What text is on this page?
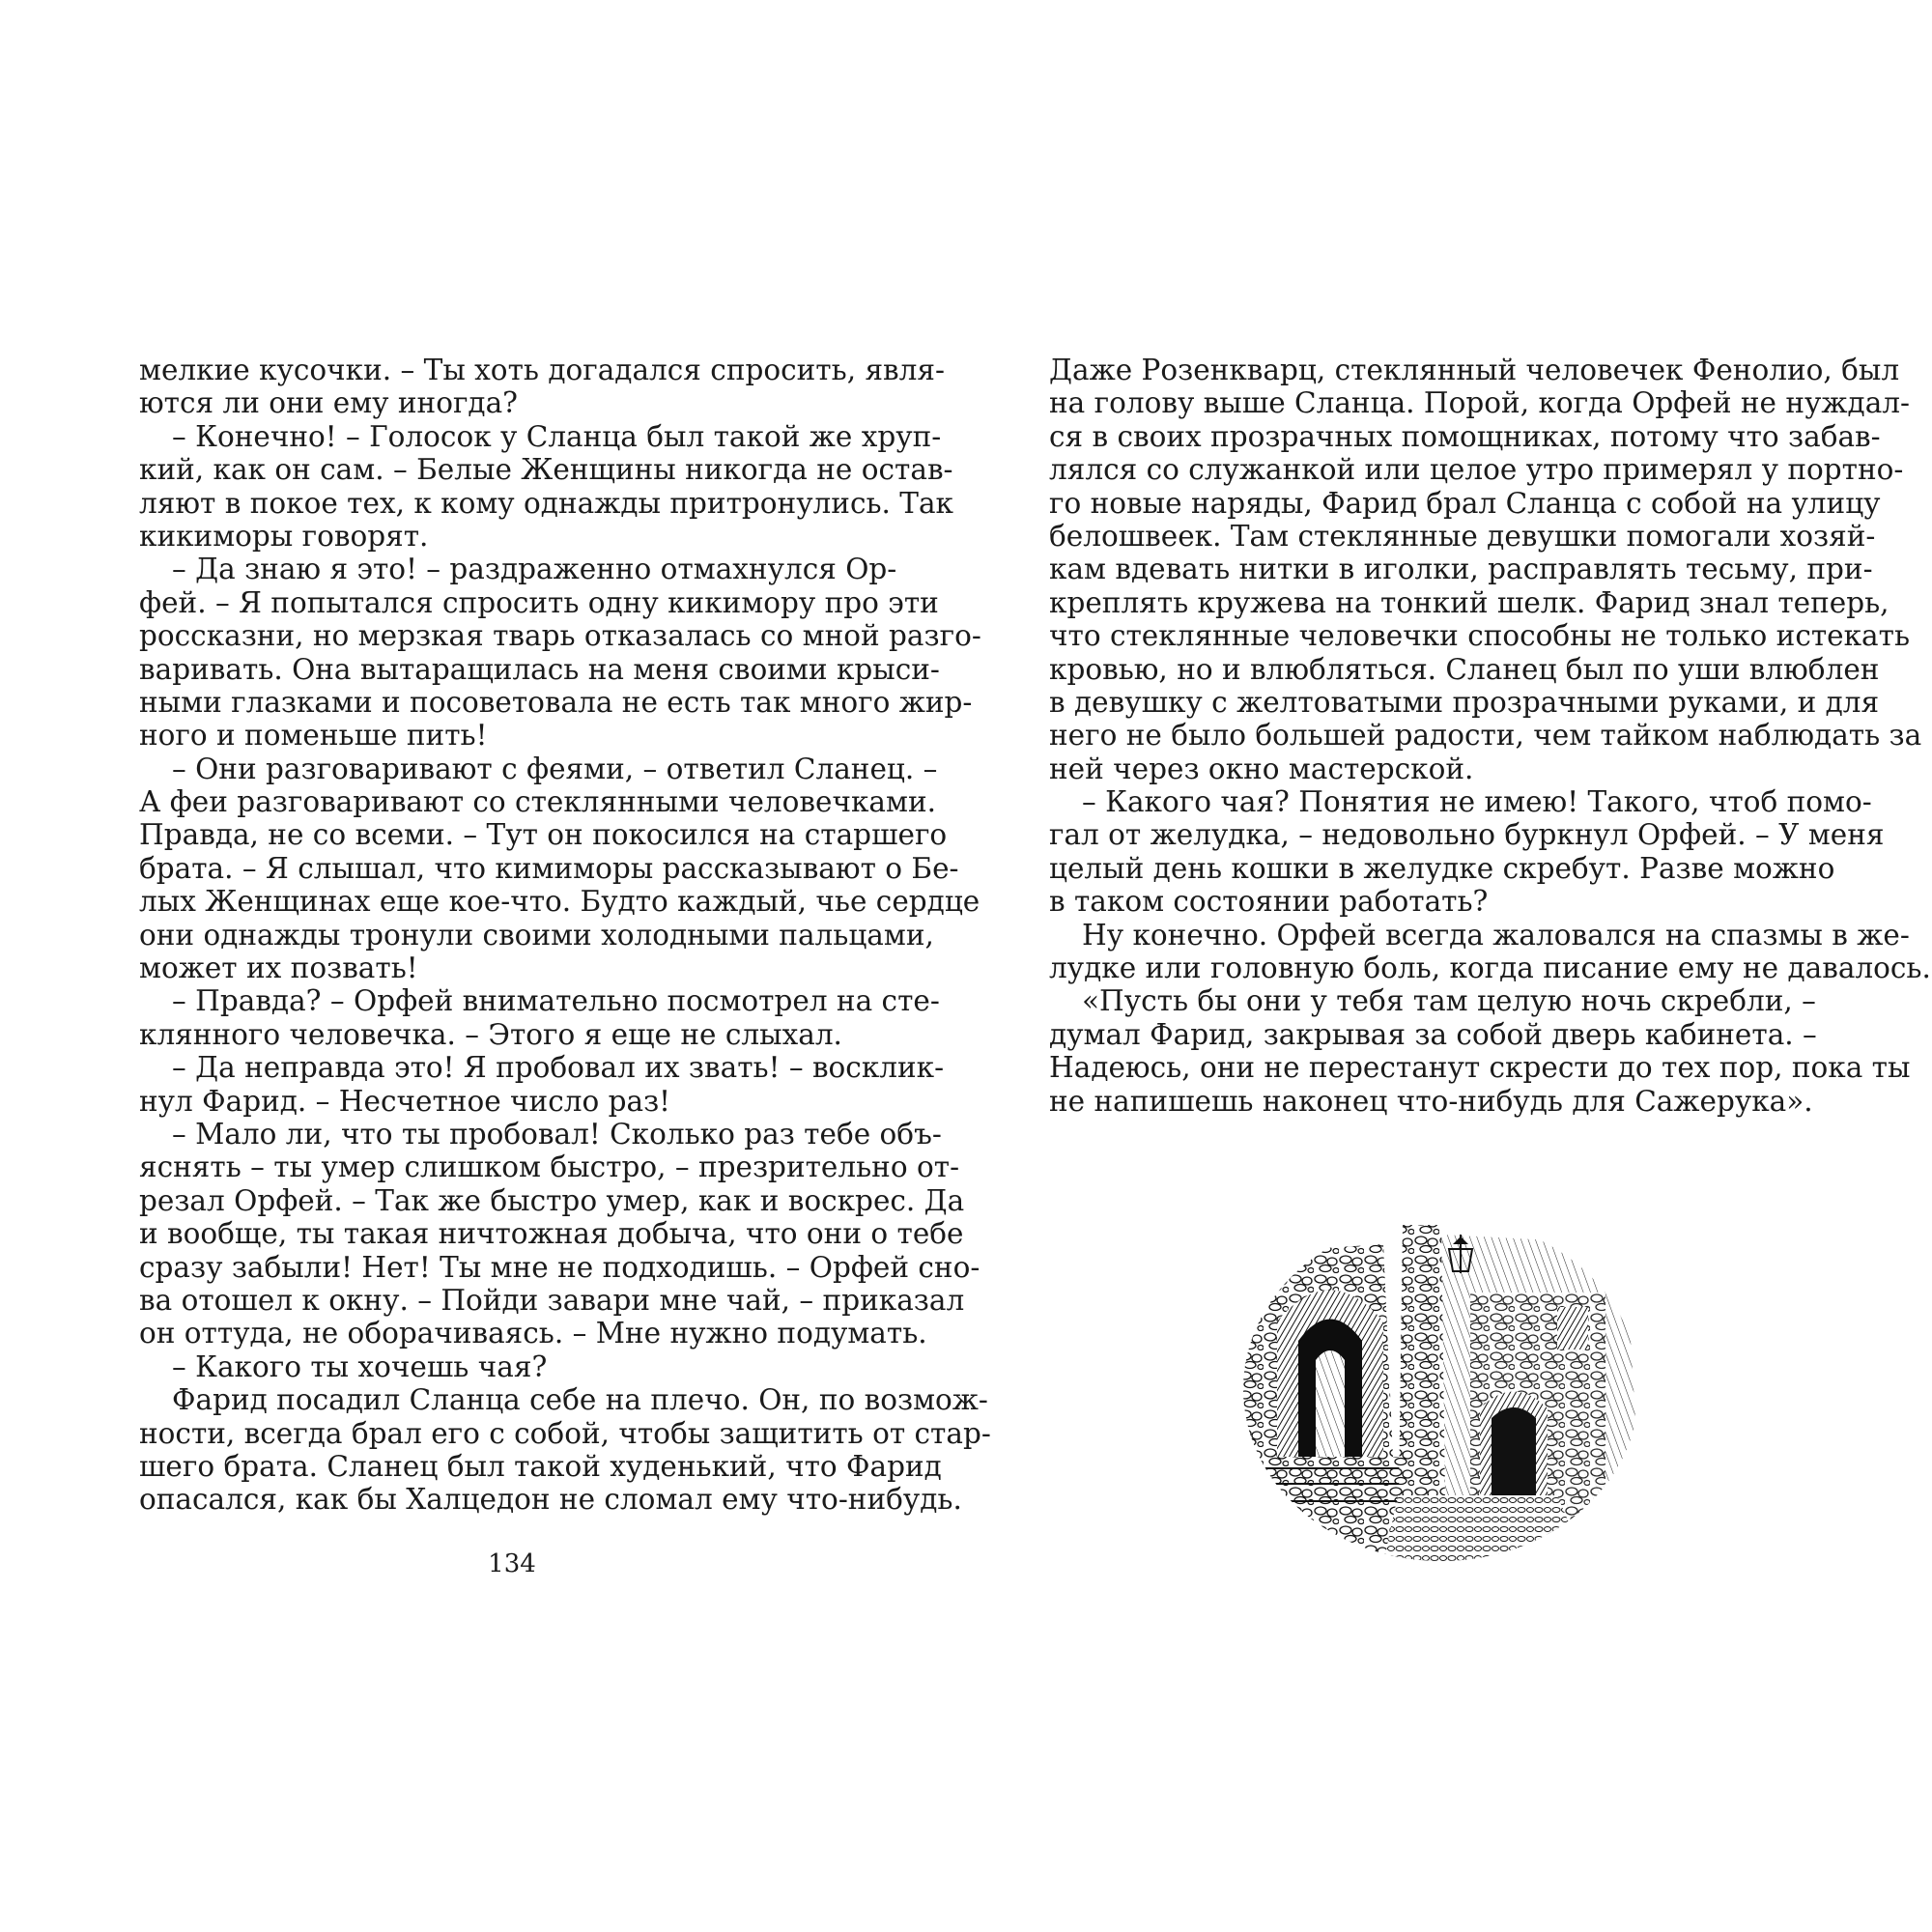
мелкие кусочки. – Ты хоть догадался спросить, явля-
ются ли они ему иногда?
– Конечно! – Голосок у Сланца был такой же хруп-
кий, как он сам. – Белые Женщины никогда не остав-
ляют в покое тех, к кому однажды притронулись. Так
кикиморы говорят.
– Да знаю я это! – раздраженно отмахнулся Ор-
фей. – Я попытался спросить одну кикимору про эти
россказни, но мерзкая тварь отказалась со мной разго-
варивать. Она вытаращилась на меня своими крыси-
ными глазками и посоветовала не есть так много жир-
ного и поменьше пить!
– Они разговаривают с феями, – ответил Сланец. –
А феи разговаривают со стеклянными человечками.
Правда, не со всеми. – Тут он покосился на старшего
брата. – Я слышал, что кимиморы рассказывают о Бе-
лых Женщинах еще кое-что. Будто каждый, чье сердце
они однажды тронули своими холодными пальцами,
может их позвать!
– Правда? – Орфей внимательно посмотрел на сте-
клянного человечка. – Этого я еще не слыхал.
– Да неправда это! Я пробовал их звать! – восклик-
нул Фарид. – Несчетное число раз!
– Мало ли, что ты пробовал! Сколько раз тебе объ-
яснять – ты умер слишком быстро, – презрительно от-
резал Орфей. – Так же быстро умер, как и воскрес. Да
и вообще, ты такая ничтожная добыча, что они о тебе
сразу забыли! Нет! Ты мне не подходишь. – Орфей сно-
ва отошел к окну. – Пойди завари мне чай, – приказал
он оттуда, не оборачиваясь. – Мне нужно подумать.
– Какого ты хочешь чая?
Фарид посадил Сланца себе на плечо. Он, по возмож-
ности, всегда брал его с собой, чтобы защитить от стар-
шего брата. Сланец был такой худенький, что Фарид
опасался, как бы Халцедон не сломал ему что-нибудь.
134
Даже Розенкварц, стеклянный человечек Фенолио, был
на голову выше Сланца. Порой, когда Орфей не нуждал-
ся в своих прозрачных помощниках, потому что забав-
лялся со служанкой или целое утро примерял у портно-
го новые наряды, Фарид брал Сланца с собой на улицу
белошвеек. Там стеклянные девушки помогали хозяй-
кам вдевать нитки в иголки, расправлять тесьму, при-
креплять кружева на тонкий шелк. Фарид знал теперь,
что стеклянные человечки способны не только истекать
кровью, но и влюбляться. Сланец был по уши влюблен
в девушку с желтоватыми прозрачными руками, и для
него не было большей радости, чем тайком наблюдать за
ней через окно мастерской.
– Какого чая? Понятия не имею! Такого, чтоб помо-
гал от желудка, – недовольно буркнул Орфей. – У меня
целый день кошки в желудке скребут. Разве можно
в таком состоянии работать?
Ну конечно. Орфей всегда жаловался на спазмы в же-
лудке или головную боль, когда писание ему не давалось.
«Пусть бы они у тебя там целую ночь скребли, –
думал Фарид, закрывая за собой дверь кабинета. –
Надеюсь, они не перестанут скрести до тех пор, пока ты
не напишешь наконец что-нибудь для Сажерука».
